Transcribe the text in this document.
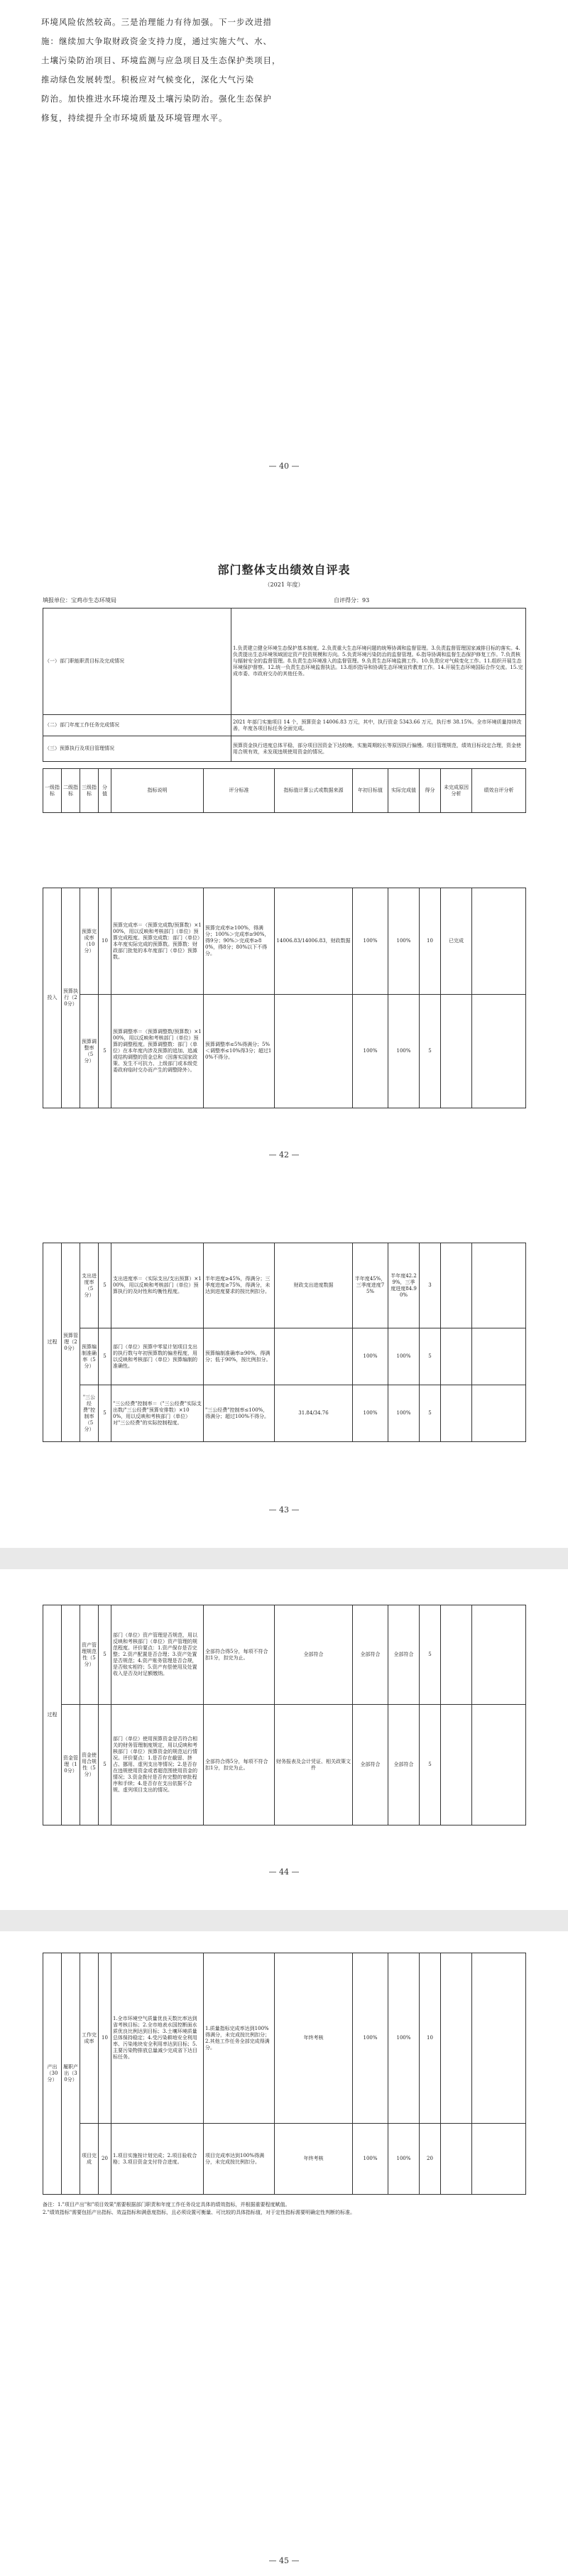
环境风险依然较高。三是治理能力有待加强。下一步改进措
施：继续加大争取财政资金支持力度，通过实施大气、水、
土壤污染防治项目、环境监测与应急项目及生态保护类项目，
推动绿色发展转型。积极应对气候变化，深化大气污染
防治。加快推进水环境治理及土壤污染防治。强化生态保护
修复，持续提升全市环境质量及环境管理水平。
— 40 —
部门整体支出绩效自评表
（2021 年度）
填报单位：宝鸡市生态环境局	自评得分：93
（一）部门职能职责目标及完成情况	1.负责建立健全环境生态保护基本制度。2.负责重大生态环境问题的统筹协调和监督管理。3.负责监督管理国家减排目标的落实。4.负责提出生态环境领域固定资产投资规模和方向。5.负责环境污染防治的监督管理。6.指导协调和监督生态保护修复工作。7.负责核与辐射安全的监督管理。8.负责生态环境准入的监督管理。9.负责生态环境监测工作。10.负责应对气候变化工作。11.组织开展生态环境保护督察。12.统一负责生态环境监督执法。13.组织指导和协调生态环境宣传教育工作。14.开展生态环境国际合作交流。15.完成市委、市政府交办的其他任务。
（二）部门年度工作任务完成情况	2021 年部门实施项目 14 个，预算资金 14006.83 万元，其中，执行资金 5343.66 万元，执行率 38.15%。全市环境质量持续改善，年度各项目标任务全面完成。
（三）预算执行及项目管理情况	预算资金执行进度总体平稳，部分项目因资金下达较晚、实施周期较长等原因执行偏慢。项目管理规范，绩效目标设定合理，资金使用合规有效，未发现违规使用资金的情况。
一级指标	二级指标	三级指标	分值	指标说明	评分标准	指标值计算公式或数据来源	年初目标值	实际完成值	得分	未完成原因分析	绩效自评分析
投入	预算执行（20分）	预算完成率（10分）	10	预算完成率＝（预算完成数/预算数）×100%，用以反映和考核部门（单位）预算完成程度。预算完成数：部门（单位）本年度实际完成的预算数。预算数：财政部门批复的本年度部门（单位）预算数。	预算完成率≥100%，得满分；100%＞完成率≥90%，得9分；90%＞完成率≥80%，得8分；80%以下不得分。	14006.83/14006.83，财政数据	100%	100%	10	已完成	
		预算调整率（5分）	5	预算调整率＝（预算调整数/预算数）×100%，用以反映和考核部门（单位）预算的调整程度。预算调整数：部门（单位）在本年度内涉及预算的追加、追减或结构调整的资金总和（因落实国家政策、发生不可抗力、上级部门或本级党委政府临时交办而产生的调整除外）。	预算调整率≤5%得满分；5%＜调整率≤10%得3分；超过10%不得分。		100%	100%	5		
— 42 —
过程	预算管理（20分）	支出进度率（5分）	5	支出进度率＝（实际支出/支出预算）×100%，用以反映和考核部门（单位）预算执行的及时性和均衡性程度。	半年进度≥45%，得满分；三季度进度≥75%，得满分，未达到进度要求的按比例扣分。	财政支出进度数据	半年度45%，三季度进度75%	半年度42.29%，三季度进度84.90%	3		
		预算编制准确率（5分）	5	部门（单位）预算中零星计划项目支出的执行数与年初预算数的偏差程度，用以反映和考核部门（单位）预算编制的准确性。	预算编制准确率≥90%，得满分；低于90%，按比例扣分。		100%	100%	5		
		"三公经费"控制率（5分）	5	"三公经费"控制率＝（"三公经费"实际支出数/"三公经费"预算安排数）×100%，用以反映和考核部门（单位）对"三公经费"的实际控制程度。	"三公经费"控制率≤100%，得满分；超过100%不得分。	31.84/34.76	100%	100%	5		
— 43 —
过程		资产管理规范性（5分）	5	部门（单位）资产管理是否规范，用以反映和考核部门（单位）资产管理的规范程度。评价要点：1.资产保存是否完整；2.资产配置是否合理；3.资产处置是否规范；4.资产账务管理是否合规，是否账实相符；5.资产有偿使用及处置收入是否及时足额缴纳。	全部符合得5分，每项不符合扣1分，扣完为止。	全部符合	全部符合	全部符合	5		
	资金管理（10分）	资金使用合规性（5分）	5	部门（单位）使用预算资金是否符合相关的财务管理制度规定，用以反映和考核部门（单位）预算资金的规范运行情况。评价要点：1.是否存在截留、挤占、挪用、虚列支出等情况；2.是否存在违规使用资金或者超范围使用资金的情况；3.资金拨付是否有完整的审批程序和手续；4.是否存在支出依据不合规、虚列项目支出的情况。	全部符合得5分，每项不符合扣1分，扣完为止。	财务报表及会计凭证、相关政策文件	全部符合	全部符合	5		
— 44 —
产出（30分）	履职产出（30分）	工作完成率	10	1.全市环境空气质量优良天数比率达到省考核目标；2.全市地表水国控断面水质优良比例达到目标；3.土壤环境质量总体保持稳定；4.受污染耕地安全利用率、污染地块安全利用率达到目标；5.主要污染物排放总量减少完成省下达目标任务。	1.质量指标完成率达到100%得满分，未完成按比例扣分；2.其他工作任务全部完成得满分。	年终考核	100%	100%	10		
		项目完成	20	1.项目实施按计划完成；2.项目验收合格；3.项目资金支付符合进度。	项目完成率达到100%得满分，未完成按比例扣分。	年终考核	100%	100%	20		
备注：1."项目产出"和"项目效果"需要根据部门职责和年度工作任务设定具体的绩效指标，并根据重要程度赋值。
2."绩效指标"需要包括产出指标、效益指标和满意度指标，且必须设置可衡量、可比较的具体指标值，对于定性指标需要明确定性判断的标准。
— 45 —
